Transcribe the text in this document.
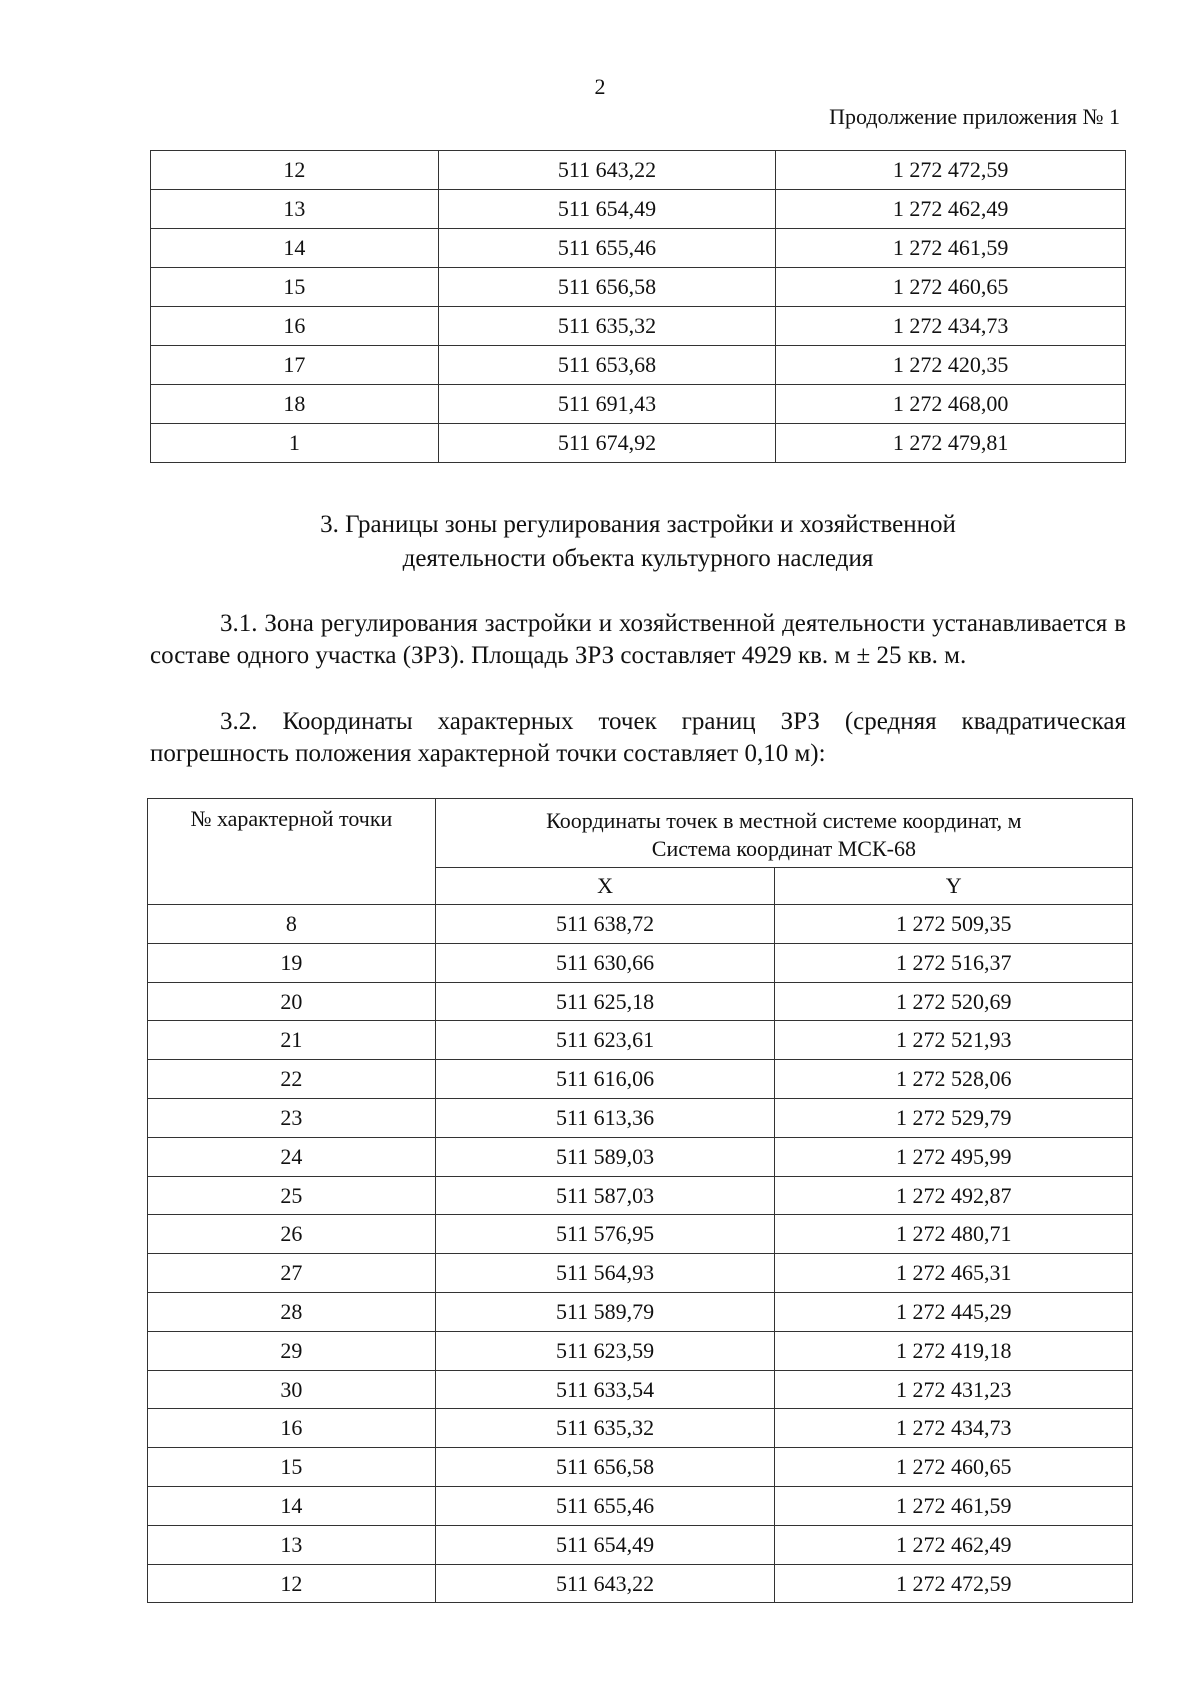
2
Продолжение приложения № 1
12	511 643,22	1 272 472,59
13	511 654,49	1 272 462,49
14	511 655,46	1 272 461,59
15	511 656,58	1 272 460,65
16	511 635,32	1 272 434,73
17	511 653,68	1 272 420,35
18	511 691,43	1 272 468,00
1	511 674,92	1 272 479,81
3. Границы зоны регулирования застройки и хозяйственной
деятельности объекта культурного наследия
3.1. Зона регулирования застройки и хозяйственной деятельности устанавливается в составе одного участка (ЗРЗ). Площадь ЗРЗ составляет 4929 кв. м ± 25 кв. м.
3.2. Координаты характерных точек границ ЗРЗ (средняя квадратическая погрешность положения характерной точки составляет 0,10 м):
№ характерной точки	Координаты точек в местной системе координат, м
Система координат МСК-68	

	X	Y
8	511 638,72	1 272 509,35
19	511 630,66	1 272 516,37
20	511 625,18	1 272 520,69
21	511 623,61	1 272 521,93
22	511 616,06	1 272 528,06
23	511 613,36	1 272 529,79
24	511 589,03	1 272 495,99
25	511 587,03	1 272 492,87
26	511 576,95	1 272 480,71
27	511 564,93	1 272 465,31
28	511 589,79	1 272 445,29
29	511 623,59	1 272 419,18
30	511 633,54	1 272 431,23
16	511 635,32	1 272 434,73
15	511 656,58	1 272 460,65
14	511 655,46	1 272 461,59
13	511 654,49	1 272 462,49
12	511 643,22	1 272 472,59
